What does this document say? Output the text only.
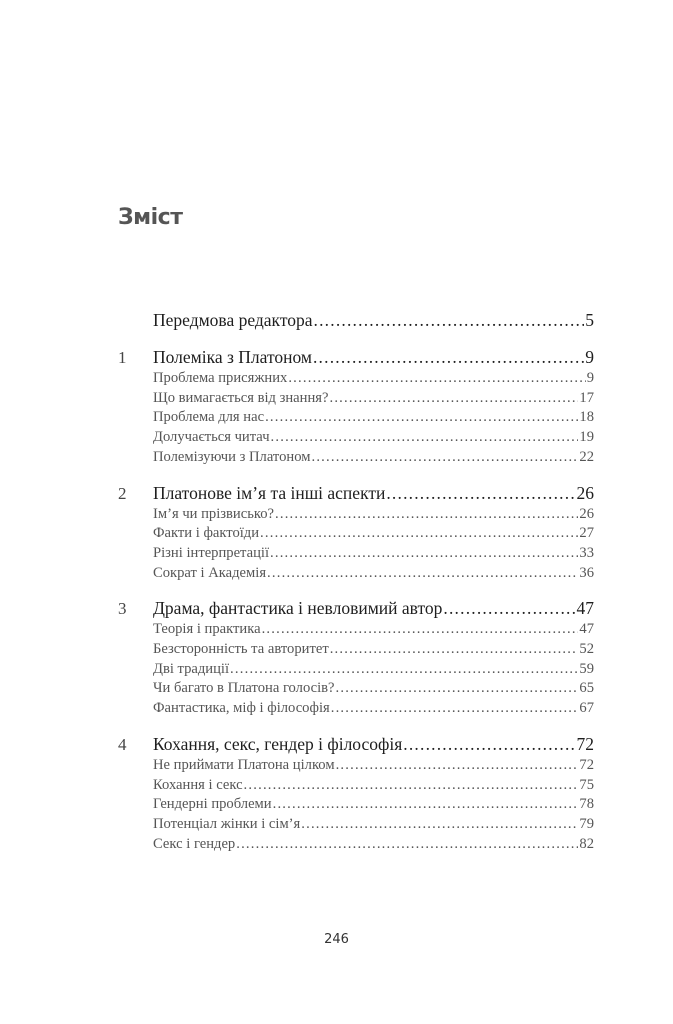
Зміст
Передмова редактора .....	5
1	Полеміка з Платоном .....	9
Проблема присяжних .....	9
Що вимагається від знання? .....	17
Проблема для нас .....	18
Долучається читач .....	19
Полемізуючи з Платоном .....	22
2	Платонове ім’я та інші аспекти .....	26
Ім’я чи прізвисько? .....	26
Факти і фактоїди .....	27
Різні інтерпретації .....	33
Сократ і Академія .....	36
3	Драма, фантастика і невловимий автор .....	47
Теорія і практика .....	47
Безсторонність та авторитет .....	52
Дві традиції .....	59
Чи багато в Платона голосів? .....	65
Фантастика, міф і філософія .....	67
4	Кохання, секс, гендер і філософія .....	72
Не приймати Платона цілком .....	72
Кохання і секс .....	75
Гендерні проблеми .....	78
Потенціал жінки і сім’я .....	79
Секс і гендер .....	82
246
